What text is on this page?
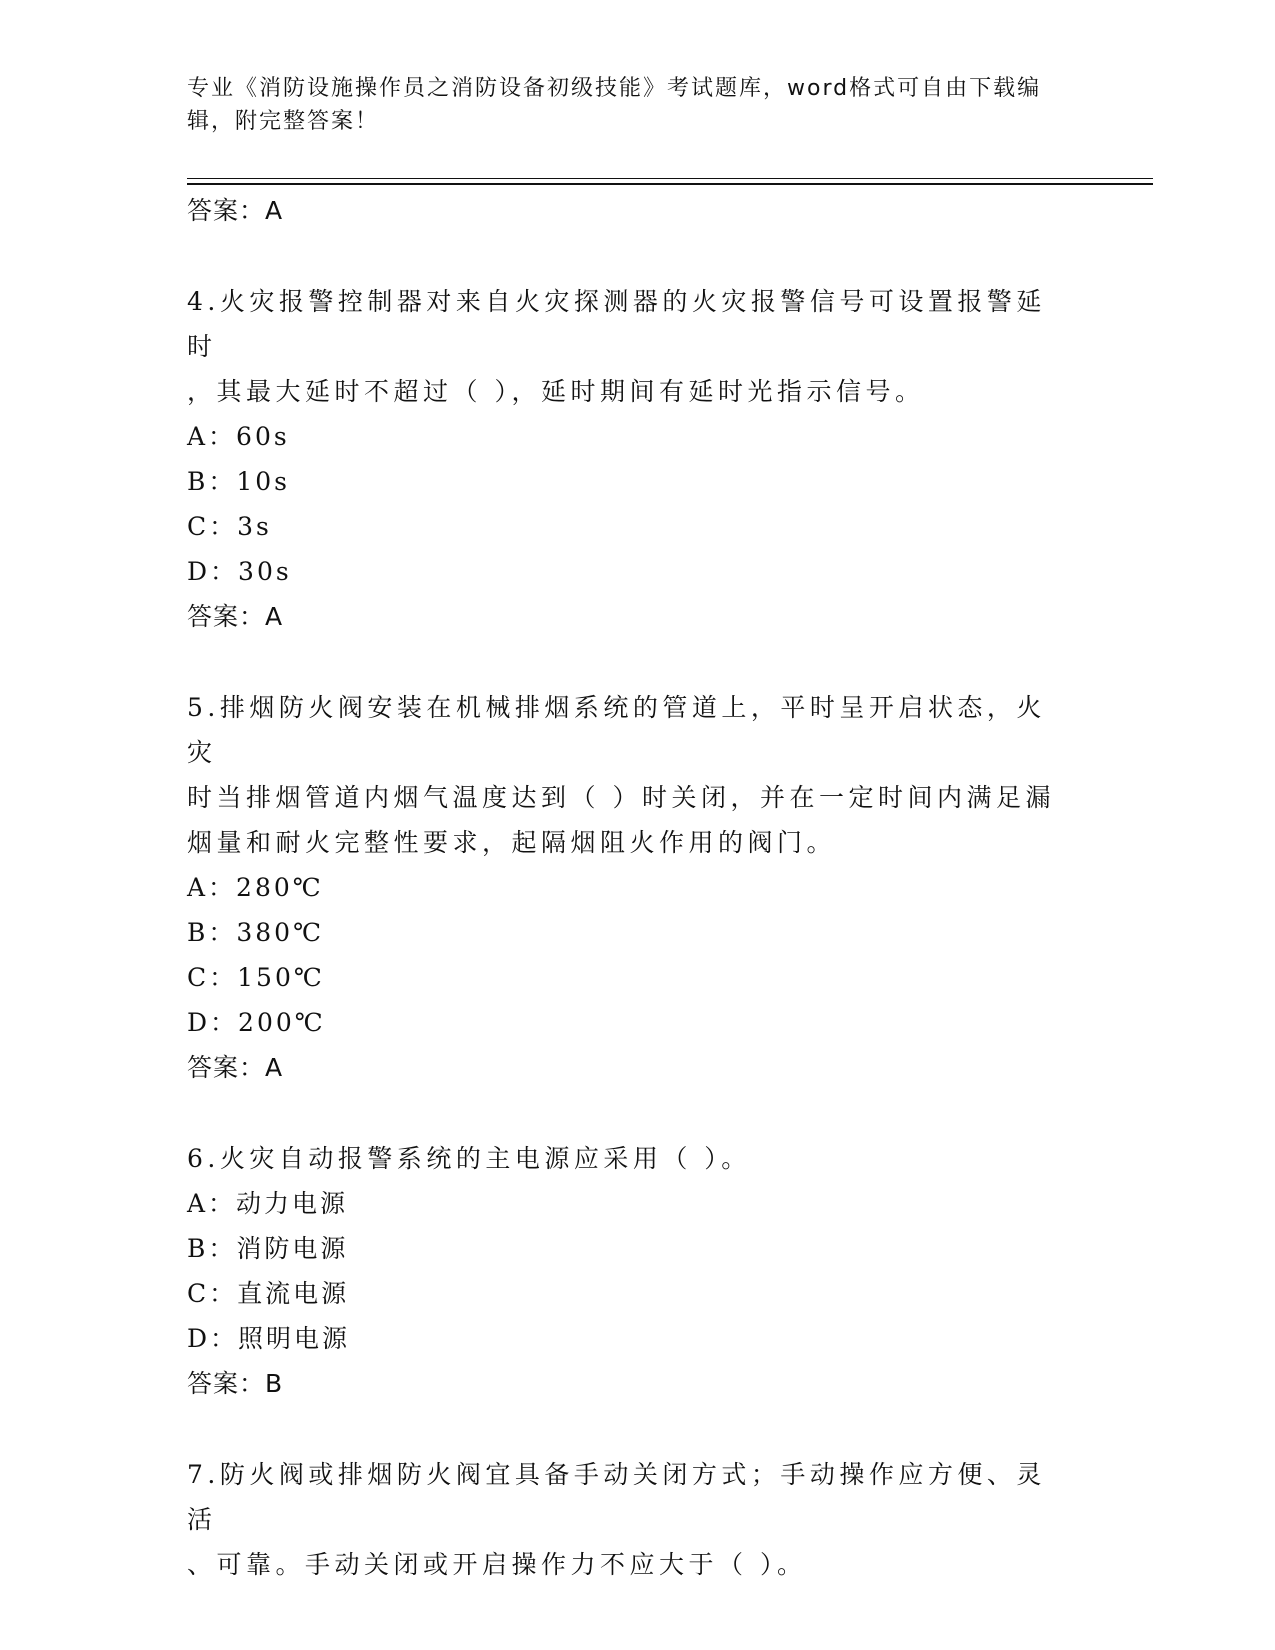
专业《消防设施操作员之消防设备初级技能》考试题库，word格式可自由下载编
辑，附完整答案！
答案：A
4.火灾报警控制器对来自火灾探测器的火灾报警信号可设置报警延时
，其最大延时不超过（ ），延时期间有延时光指示信号。
A：60s
B：10s
C：3s
D：30s
答案：A
5.排烟防火阀安装在机械排烟系统的管道上，平时呈开启状态，火灾
时当排烟管道内烟气温度达到（ ）时关闭，并在一定时间内满足漏
烟量和耐火完整性要求，起隔烟阻火作用的阀门。
A：280℃
B：380℃
C：150℃
D：200℃
答案：A
6.火灾自动报警系统的主电源应采用（ ）。
A：动力电源
B：消防电源
C：直流电源
D：照明电源
答案：B
7.防火阀或排烟防火阀宜具备手动关闭方式；手动操作应方便、灵活
、可靠。手动关闭或开启操作力不应大于（ ）。
